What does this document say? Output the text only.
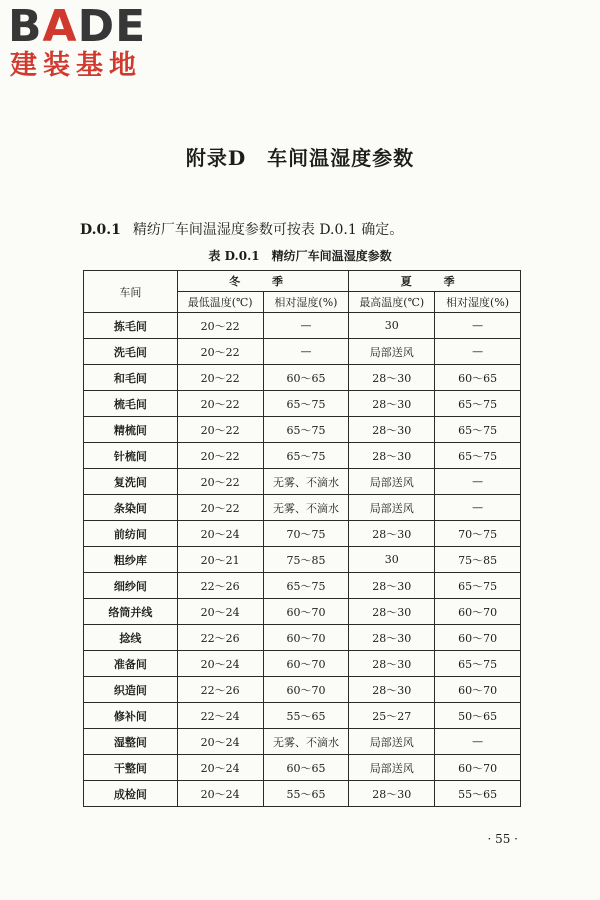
BADE
建装基地
附录D　车间温湿度参数
D.0.1 精纺厂车间温湿度参数可按表 D.0.1 确定。
表 D.0.1　精纺厂车间温湿度参数
车间	冬 季		夏 季	
	最低温度(℃)	相对湿度(%)	最高温度(℃)	相对湿度(%)
拣毛间	20～22	—	30	—
洗毛间	20～22	—	局部送风	—
和毛间	20～22	60～65	28～30	60～65
梳毛间	20～22	65～75	28～30	65～75
精梳间	20～22	65～75	28～30	65～75
针梳间	20～22	65～75	28～30	65～75
复洗间	20～22	无雾、不滴水	局部送风	—
条染间	20～22	无雾、不滴水	局部送风	—
前纺间	20～24	70～75	28～30	70～75
粗纱库	20～21	75～85	30	75～85
细纱间	22～26	65～75	28～30	65～75
络筒并线	20～24	60～70	28～30	60～70
捻线	22～26	60～70	28～30	60～70
准备间	20～24	60～70	28～30	65～75
织造间	22～26	60～70	28～30	60～70
修补间	22～24	55～65	25～27	50～65
湿整间	20～24	无雾、不滴水	局部送风	—
干整间	20～24	60～65	局部送风	60～70
成检间	20～24	55～65	28～30	55～65
· 55 ·
